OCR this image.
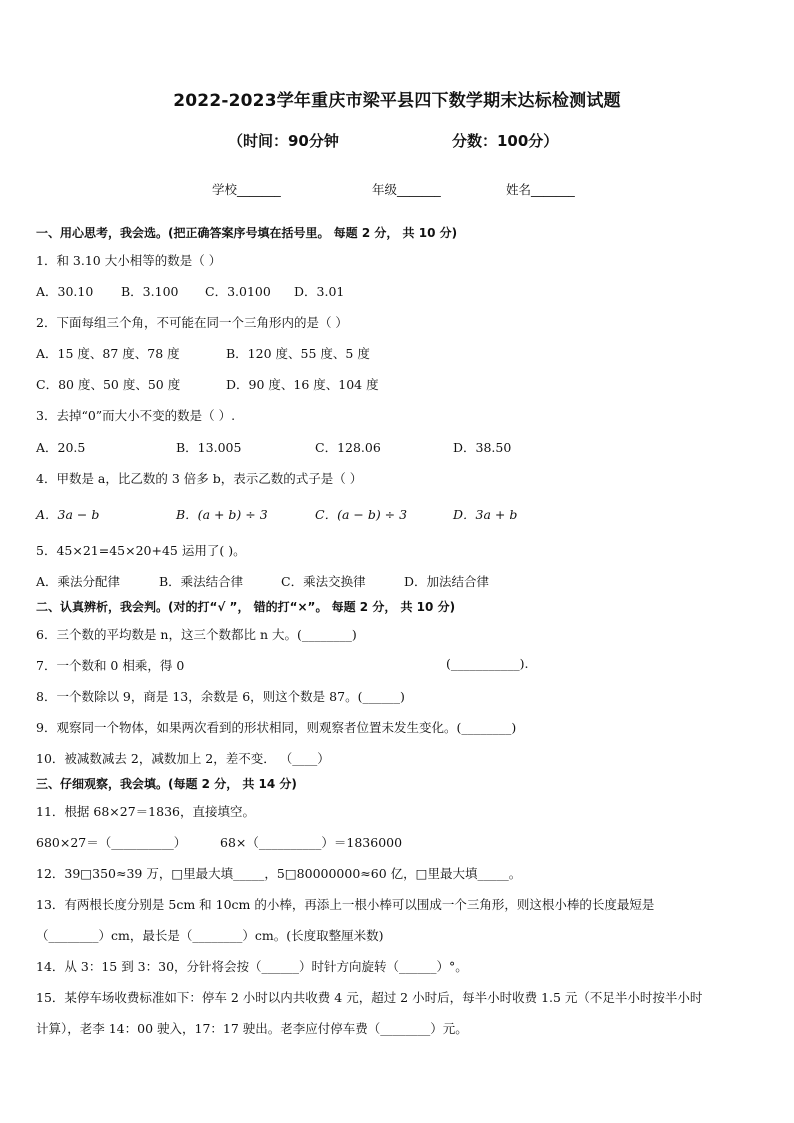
2022-2023学年重庆市梁平县四下数学期末达标检测试题
（时间：90分钟	分数：100分）
学校_______	年级_______	姓名_______
一、用心思考，我会选。(把正确答案序号填在括号里。 每题 2 分， 共 10 分)
1．和 3.10 大小相等的数是（ ）
A．30.10 B．3.100 C．3.0100 D．3.01
2．下面每组三个角，不可能在同一个三角形内的是（ ）
A．15 度、87 度、78 度	B．120 度、55 度、5 度
C．80 度、50 度、50 度	D．90 度、16 度、104 度
3．去掉“0”而大小不变的数是（ ）.
A．20.5	B．13.005	C．128.06	D．38.50
4．甲数是 a，比乙数的 3 倍多 b，表示乙数的式子是（ ）
A．3a − b	B．(a + b) ÷ 3	C．(a − b) ÷ 3	D．3a + b
5．45×21=45×20+45 运用了( )。
A．乘法分配律	B．乘法结合律	C．乘法交换律	D．加法结合律
二、认真辨析，我会判。(对的打“√ ”， 错的打“×”。 每题 2 分， 共 10 分)
6．三个数的平均数是 n，这三个数都比 n 大。(________)
7．一个数和 0 相乘，得 0	(___________).
8．一个数除以 9，商是 13，余数是 6，则这个数是 87。(______)
9．观察同一个物体，如果两次看到的形状相同，则观察者位置未发生变化。(________)
10．被减数减去 2，减数加上 2，差不变． （____）
三、仔细观察，我会填。(每题 2 分， 共 14 分)
11．根据 68×27＝1836，直接填空。
680×27＝（__________）	68×（__________）＝1836000
12．39□350≈39 万，□里最大填_____，5□80000000≈60 亿，□里最大填_____。
13．有两根长度分别是 5cm 和 10cm 的小棒，再添上一根小棒可以围成一个三角形，则这根小棒的长度最短是
（________）cm，最长是（________）cm。(长度取整厘米数)
14．从 3：15 到 3：30，分针将会按（______）时针方向旋转（______）°。
15．某停车场收费标准如下：停车 2 小时以内共收费 4 元，超过 2 小时后，每半小时收费 1.5 元（不足半小时按半小时
计算），老李 14：00 驶入，17：17 驶出。老李应付停车费（________）元。
